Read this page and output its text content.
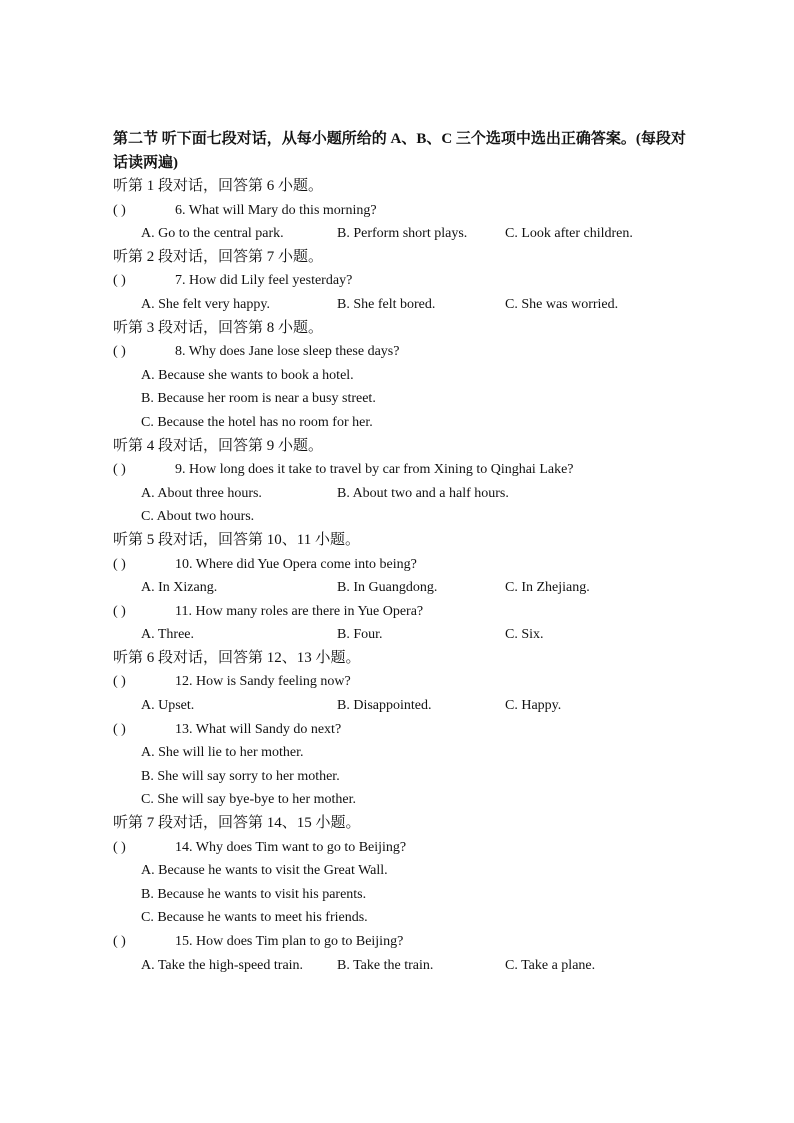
第二节 听下面七段对话，从每小题所给的 A、B、C 三个选项中选出正确答案。(每段对话读两遍)

听第 1 段对话，回答第 6 小题。
( )	6. What will Mary do this morning?
A. Go to the central park.	B. Perform short plays.	C. Look after children.
听第 2 段对话，回答第 7 小题。
( )	7. How did Lily feel yesterday?
A. She felt very happy.	B. She felt bored.	C. She was worried.
听第 3 段对话，回答第 8 小题。
( )	8. Why does Jane lose sleep these days?
A. Because she wants to book a hotel.
B. Because her room is near a busy street.
C. Because the hotel has no room for her.
听第 4 段对话，回答第 9 小题。
( )	9. How long does it take to travel by car from Xining to Qinghai Lake?
A. About three hours.	B. About two and a half hours.
C. About two hours.
听第 5 段对话，回答第 10、11 小题。
( )	10. Where did Yue Opera come into being?
A. In Xizang.	B. In Guangdong.	C. In Zhejiang.
( )	11. How many roles are there in Yue Opera?
A. Three.	B. Four.	C. Six.
听第 6 段对话，回答第 12、13 小题。
( )	12. How is Sandy feeling now?
A. Upset.	B. Disappointed.	C. Happy.
( )	13. What will Sandy do next?
A. She will lie to her mother.
B. She will say sorry to her mother.
C. She will say bye-bye to her mother.
听第 7 段对话，回答第 14、15 小题。
( )	14. Why does Tim want to go to Beijing?
A. Because he wants to visit the Great Wall.
B. Because he wants to visit his parents.
C. Because he wants to meet his friends.
( )	15. How does Tim plan to go to Beijing?
A. Take the high-speed train. B. Take the train.	C. Take a plane.
